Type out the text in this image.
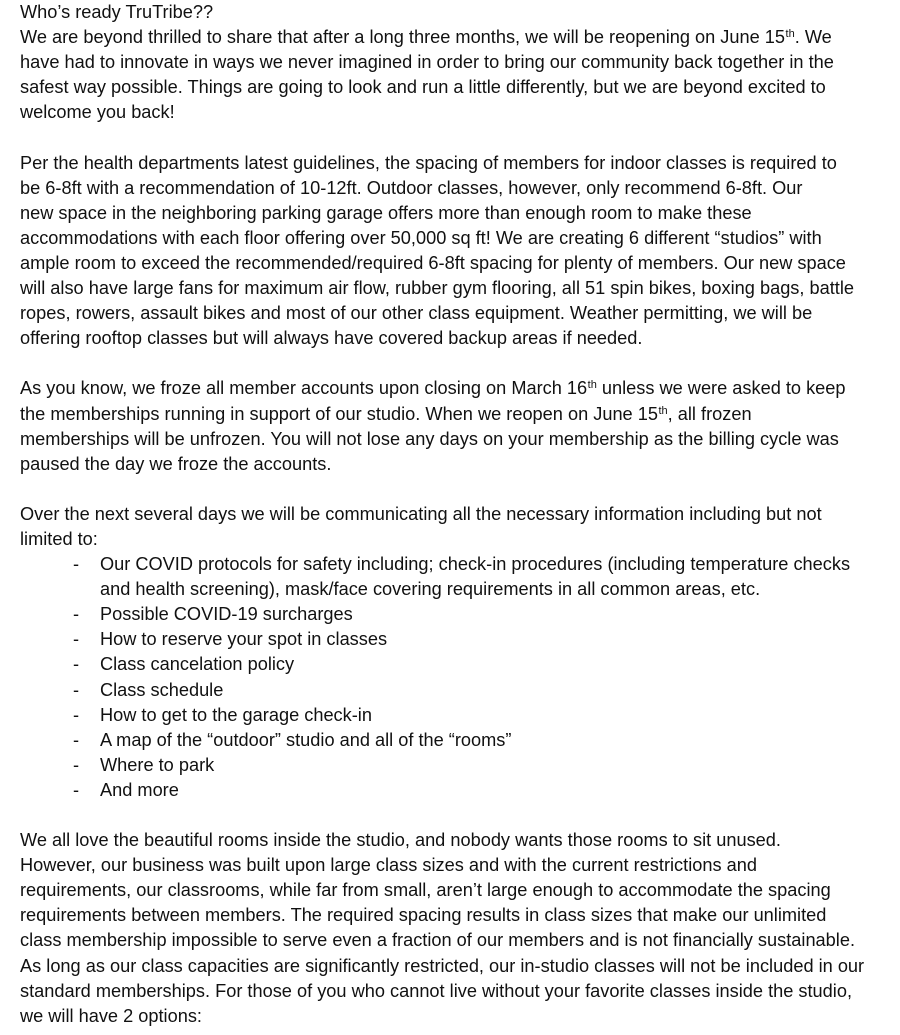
Who’s ready TruTribe??

We are beyond thrilled to share that after a long three months, we will be reopening on June 15th. We
have had to innovate in ways we never imagined in order to bring our community back together in the
safest way possible. Things are going to look and run a little differently, but we are beyond excited to
welcome you back!

Per the health departments latest guidelines, the spacing of members for indoor classes is required to
be 6-8ft with a recommendation of 10-12ft. Outdoor classes, however, only recommend 6-8ft. Our
new space in the neighboring parking garage offers more than enough room to make these
accommodations with each floor offering over 50,000 sq ft! We are creating 6 different “studios” with
ample room to exceed the recommended/required 6-8ft spacing for plenty of members. Our new space
will also have large fans for maximum air flow, rubber gym flooring, all 51 spin bikes, boxing bags, battle
ropes, rowers, assault bikes and most of our other class equipment. Weather permitting, we will be
offering rooftop classes but will always have covered backup areas if needed.

As you know, we froze all member accounts upon closing on March 16th unless we were asked to keep
the memberships running in support of our studio. When we reopen on June 15th, all frozen
memberships will be unfrozen. You will not lose any days on your membership as the billing cycle was
paused the day we froze the accounts.

Over the next several days we will be communicating all the necessary information including but not
limited to:

- Our COVID protocols for safety including; check-in procedures (including temperature checks
and health screening), mask/face covering requirements in all common areas, etc.
- Possible COVID-19 surcharges
- How to reserve your spot in classes
- Class cancelation policy
- Class schedule
- How to get to the garage check-in
- A map of the “outdoor” studio and all of the “rooms”
- Where to park
- And more

We all love the beautiful rooms inside the studio, and nobody wants those rooms to sit unused.
However, our business was built upon large class sizes and with the current restrictions and
requirements, our classrooms, while far from small, aren’t large enough to accommodate the spacing
requirements between members. The required spacing results in class sizes that make our unlimited
class membership impossible to serve even a fraction of our members and is not financially sustainable.
As long as our class capacities are significantly restricted, our in-studio classes will not be included in our
standard memberships. For those of you who cannot live without your favorite classes inside the studio,
we will have 2 options:
